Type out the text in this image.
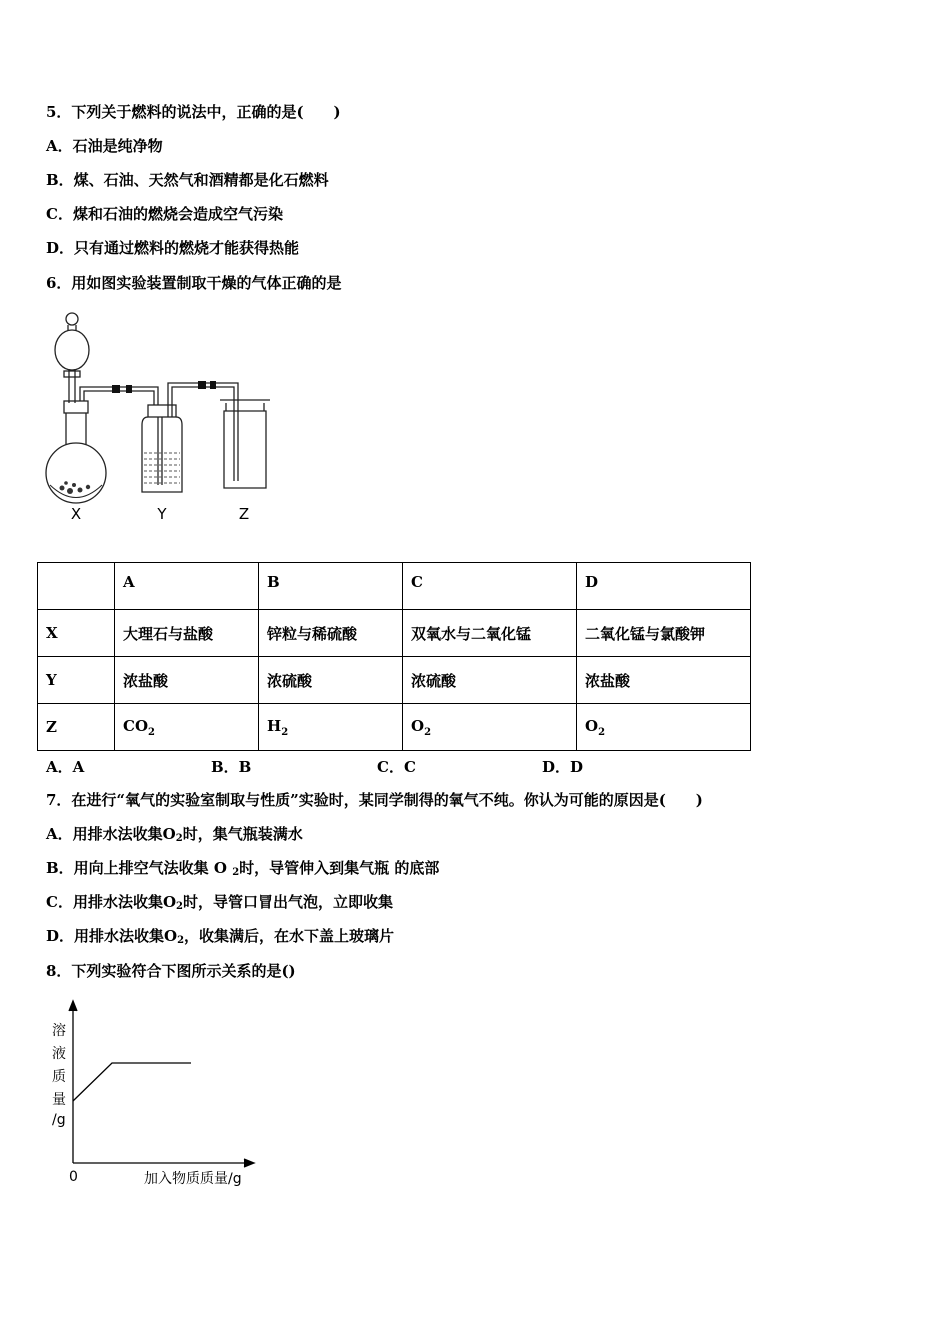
5．下列关于燃料的说法中，正确的是(　　)
A．石油是纯净物
B．煤、石油、天然气和酒精都是化石燃料
C．煤和石油的燃烧会造成空气污染
D．只有通过燃料的燃烧才能获得热能
6．用如图实验装置制取干燥的气体正确的是
X	Y	Z
	A	B	C	D
X	大理石与盐酸	锌粒与稀硫酸	双氧水与二氧化锰	二氧化锰与氯酸钾
Y	浓盐酸	浓硫酸	浓硫酸	浓盐酸
Z	$CO_2$	$H_2$	$O_2$	$O_2$
A．A	B．B	C．C	D．D
7．在进行“氧气的实验室制取与性质”实验时，某同学制得的氧气不纯。你认为可能的原因是(　　)
A．用排水法收集$O_2$时，集气瓶装满水
B．用向上排空气法收集 O $_2$时，导管伸入到集气瓶 的底部
C．用排水法收集$O_2$时，导管口冒出气泡，立即收集
D．用排水法收集$O_2$，收集满后，在水下盖上玻璃片
8．下列实验符合下图所示关系的是()
溶
液
质
量
/g
0	加入物质质量/g
